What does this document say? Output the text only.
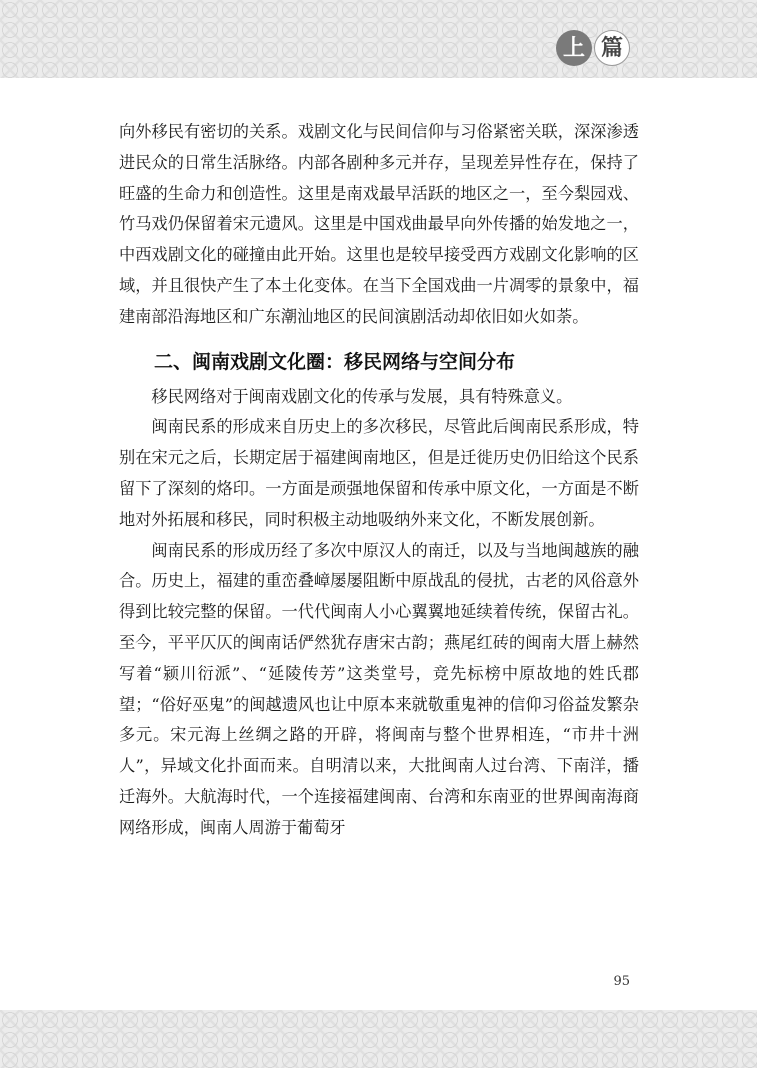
上 篇

向外移民有密切的关系。戏剧文化与民间信仰与习俗紧密关联，深深渗透进民众的日常生活脉络。内部各剧种多元并存，呈现差异性存在，保持了旺盛的生命力和创造性。这里是南戏最早活跃的地区之一，至今梨园戏、竹马戏仍保留着宋元遗风。这里是中国戏曲最早向外传播的始发地之一，中西戏剧文化的碰撞由此开始。这里也是较早接受西方戏剧文化影响的区域，并且很快产生了本土化变体。在当下全国戏曲一片凋零的景象中，福建南部沿海地区和广东潮汕地区的民间演剧活动却依旧如火如荼。

二、闽南戏剧文化圈：移民网络与空间分布

移民网络对于闽南戏剧文化的传承与发展，具有特殊意义。

闽南民系的形成来自历史上的多次移民，尽管此后闽南民系形成，特别在宋元之后，长期定居于福建闽南地区，但是迁徙历史仍旧给这个民系留下了深刻的烙印。一方面是顽强地保留和传承中原文化，一方面是不断地对外拓展和移民，同时积极主动地吸纳外来文化，不断发展创新。

闽南民系的形成历经了多次中原汉人的南迁，以及与当地闽越族的融合。历史上，福建的重峦叠嶂屡屡阻断中原战乱的侵扰，古老的风俗意外得到比较完整的保留。一代代闽南人小心翼翼地延续着传统，保留古礼。至今，平平仄仄的闽南话俨然犹存唐宋古韵；燕尾红砖的闽南大厝上赫然写着“颍川衍派”、“延陵传芳”这类堂号，竞先标榜中原故地的姓氏郡望；“俗好巫鬼”的闽越遗风也让中原本来就敬重鬼神的信仰习俗益发繁杂多元。宋元海上丝绸之路的开辟，将闽南与整个世界相连，“市井十洲人”，异域文化扑面而来。自明清以来，大批闽南人过台湾、下南洋，播迁海外。大航海时代，一个连接福建闽南、台湾和东南亚的世界闽南海商网络形成，闽南人周游于葡萄牙

95
